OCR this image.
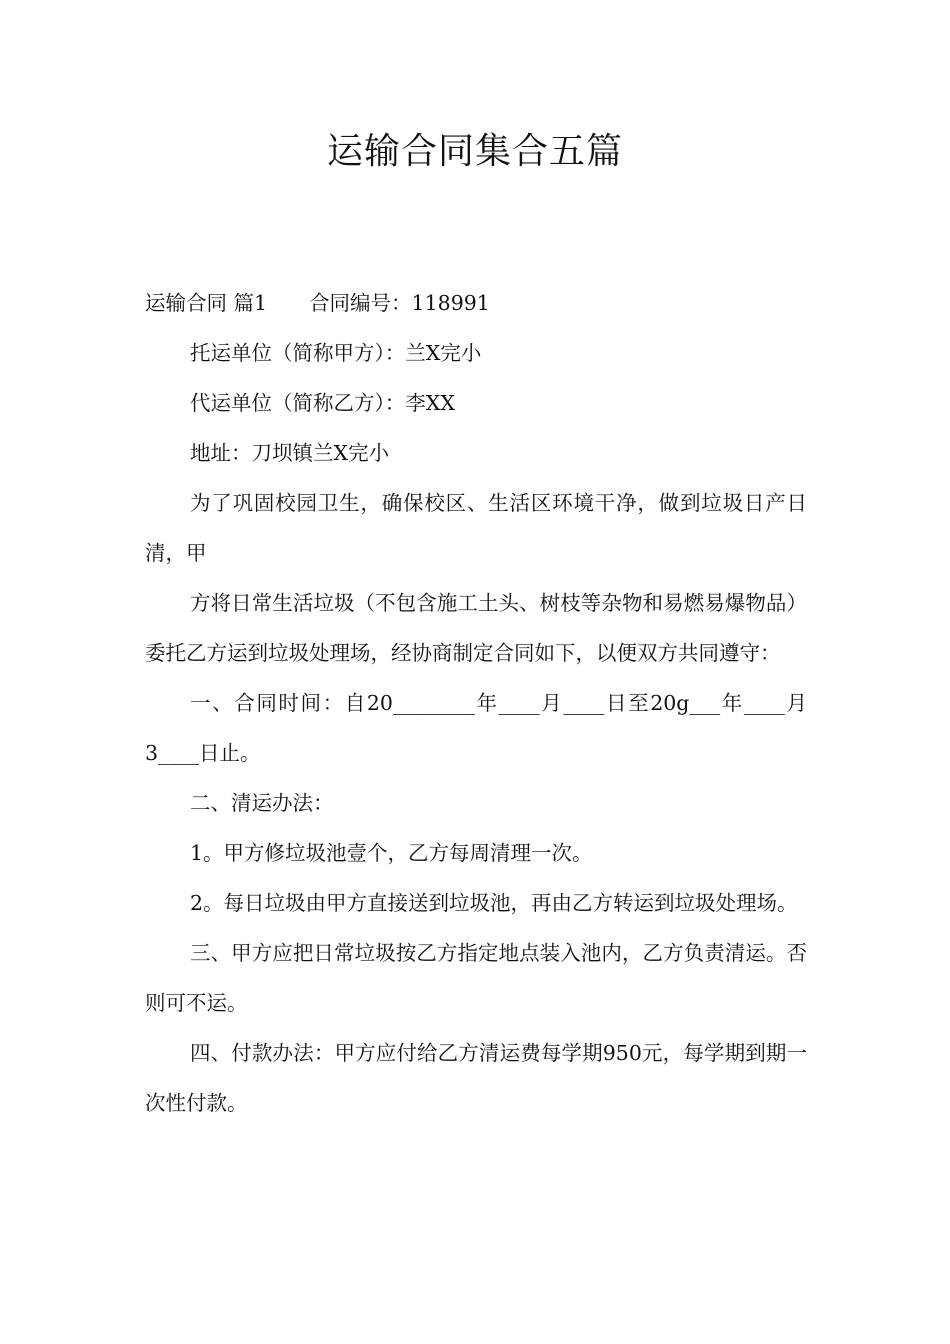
运输合同集合五篇

运输合同 篇1 合同编号：118991

托运单位（简称甲方）：兰X完小

代运单位（简称乙方）：李XX

地址：刀坝镇兰X完小

为了巩固校园卫生，确保校区、生活区环境干净，做到垃圾日产日清，甲

方将日常生活垃圾（不包含施工土头、树枝等杂物和易燃易爆物品）委托乙方运到垃圾处理场，经协商制定合同如下，以便双方共同遵守：

一、合同时间：自20________年____月____日至20g___年____月3____日止。

二、清运办法：

1。甲方修垃圾池壹个，乙方每周清理一次。

2。每日垃圾由甲方直接送到垃圾池，再由乙方转运到垃圾处理场。

三、甲方应把日常垃圾按乙方指定地点装入池内，乙方负责清运。否则可不运。

四、付款办法：甲方应付给乙方清运费每学期950元，每学期到期一次性付款。
